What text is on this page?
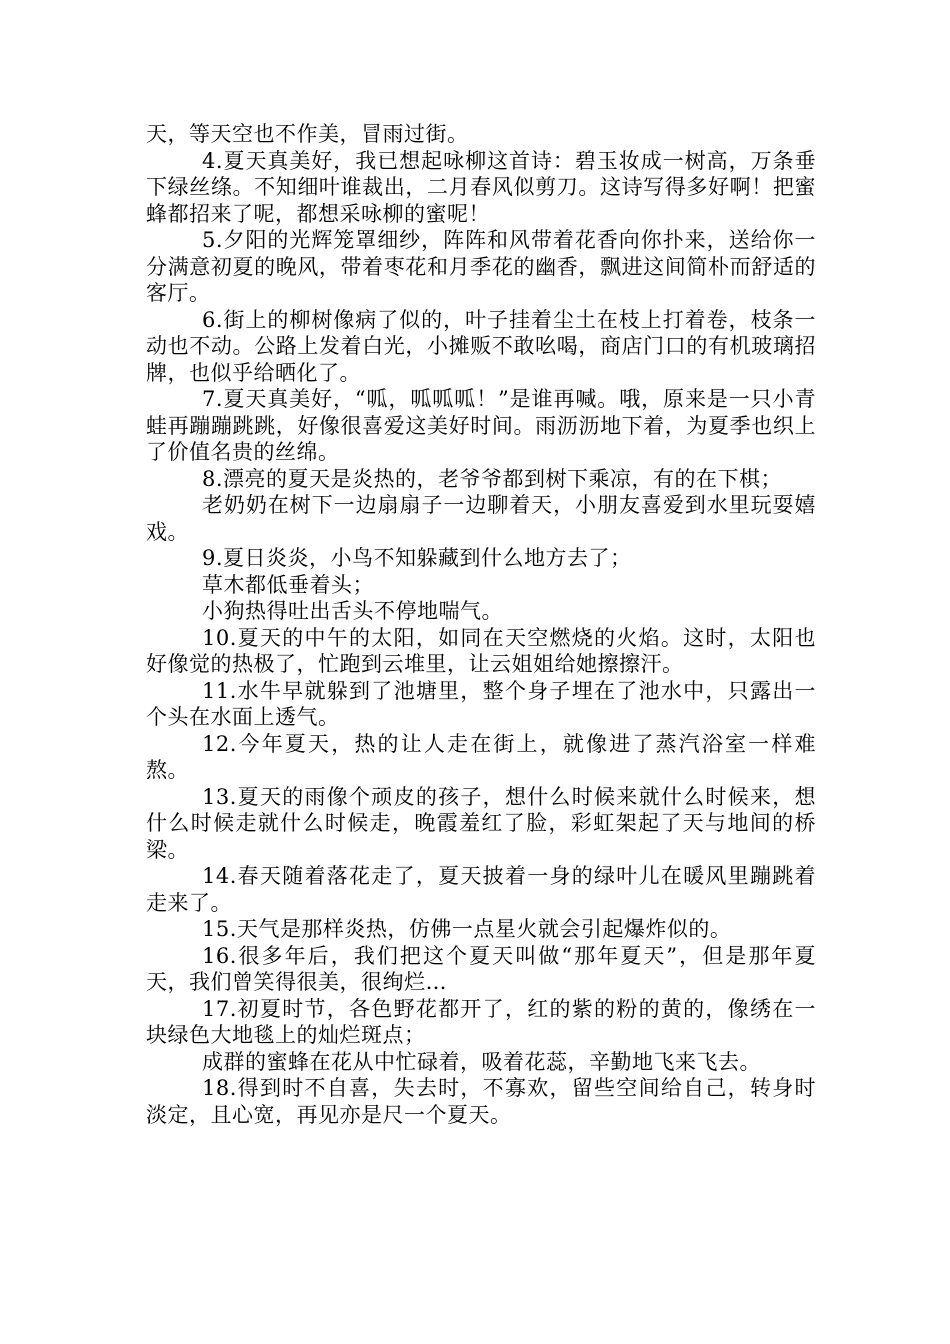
天，等天空也不作美，冒雨过街。

4.夏天真美好，我已想起咏柳这首诗：碧玉妆成一树高，万条垂下绿丝绦。不知细叶谁裁出，二月春风似剪刀。这诗写得多好啊！把蜜蜂都招来了呢，都想采咏柳的蜜呢！

5.夕阳的光辉笼罩细纱，阵阵和风带着花香向你扑来，送给你一分满意初夏的晚风，带着枣花和月季花的幽香，飘进这间简朴而舒适的客厅。

6.街上的柳树像病了似的，叶子挂着尘土在枝上打着卷，枝条一动也不动。公路上发着白光，小摊贩不敢吆喝，商店门口的有机玻璃招牌，也似乎给晒化了。

7.夏天真美好，“呱，呱呱呱！”是谁再喊。哦，原来是一只小青蛙再蹦蹦跳跳，好像很喜爱这美好时间。雨沥沥地下着，为夏季也织上了价值名贵的丝绵。

8.漂亮的夏天是炎热的，老爷爷都到树下乘凉，有的在下棋；

老奶奶在树下一边扇扇子一边聊着天，小朋友喜爱到水里玩耍嬉戏。

9.夏日炎炎，小鸟不知躲藏到什么地方去了；

草木都低垂着头；

小狗热得吐出舌头不停地喘气。

10.夏天的中午的太阳，如同在天空燃烧的火焰。这时，太阳也好像觉的热极了，忙跑到云堆里，让云姐姐给她擦擦汗。

11.水牛早就躲到了池塘里，整个身子埋在了池水中，只露出一个头在水面上透气。

12.今年夏天，热的让人走在街上，就像进了蒸汽浴室一样难熬。

13.夏天的雨像个顽皮的孩子，想什么时候来就什么时候来，想什么时候走就什么时候走，晚霞羞红了脸，彩虹架起了天与地间的桥梁。

14.春天随着落花走了，夏天披着一身的绿叶儿在暖风里蹦跳着走来了。

15.天气是那样炎热，仿佛一点星火就会引起爆炸似的。

16.很多年后，我们把这个夏天叫做“那年夏天”，但是那年夏天，我们曾笑得很美，很绚烂…

17.初夏时节，各色野花都开了，红的紫的粉的黄的，像绣在一块绿色大地毯上的灿烂斑点；

成群的蜜蜂在花从中忙碌着，吸着花蕊，辛勤地飞来飞去。

18.得到时不自喜，失去时，不寡欢，留些空间给自己，转身时淡定，且心宽，再见亦是尺一个夏天。
